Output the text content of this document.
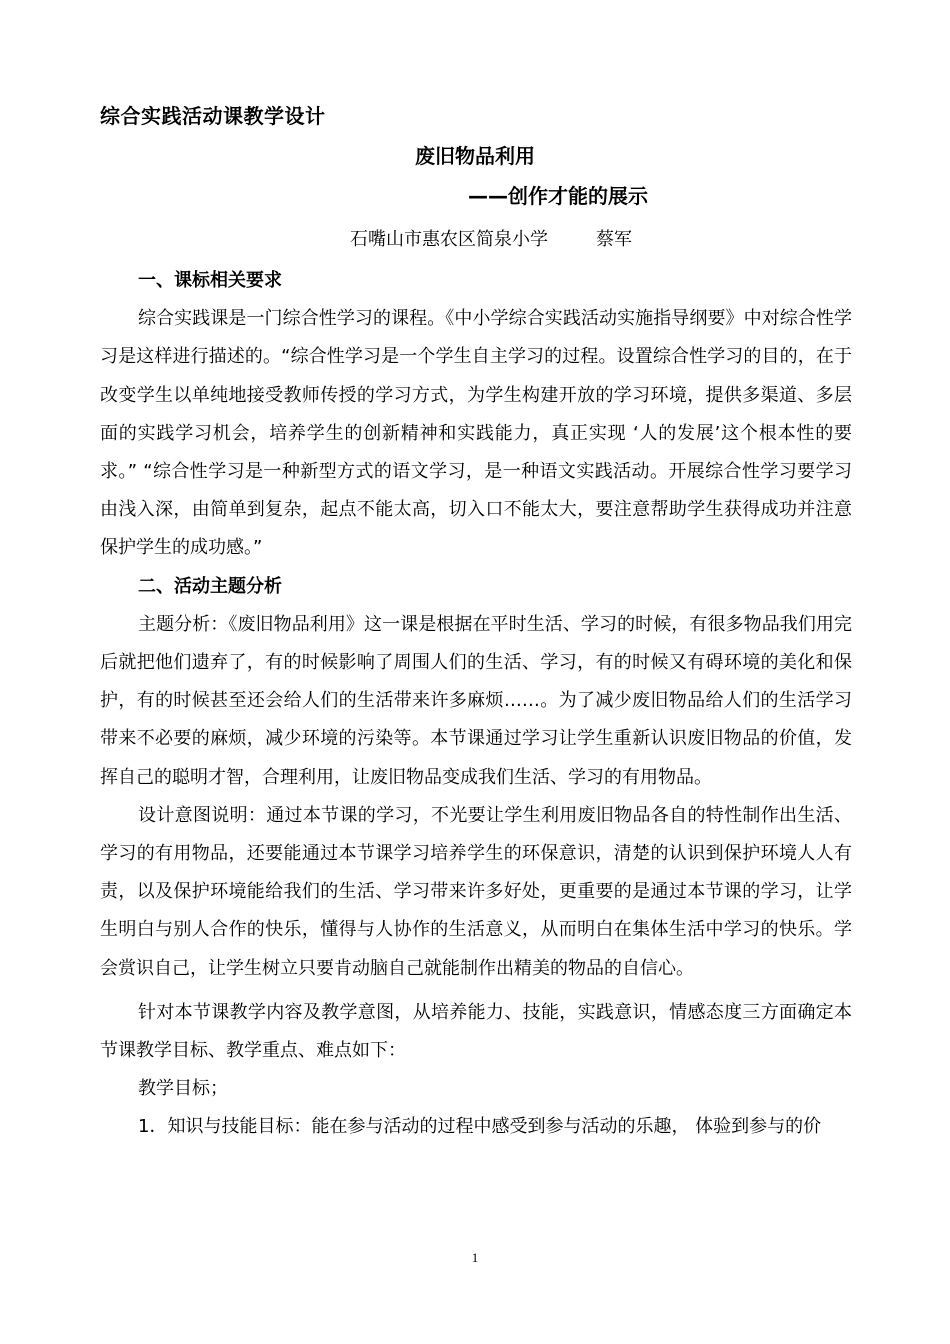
综合实践活动课教学设计
废旧物品利用
——创作才能的展示
石嘴山市惠农区简泉小学	蔡军

一、课标相关要求

综合实践课是一门综合性学习的课程。《中小学综合实践活动实施指导纲要》中对综合性学习是这样进行描述的。“综合性学习是一个学生自主学习的过程。设置综合性学习的目的，在于改变学生以单纯地接受教师传授的学习方式，为学生构建开放的学习环境，提供多渠道、多层面的实践学习机会，培养学生的创新精神和实践能力，真正实现 ‘人的发展’这个根本性的要求。” “综合性学习是一种新型方式的语文学习，是一种语文实践活动。开展综合性学习要学习由浅入深，由简单到复杂，起点不能太高，切入口不能太大，要注意帮助学生获得成功并注意保护学生的成功感。”

二、活动主题分析

主题分析：《废旧物品利用》这一课是根据在平时生活、学习的时候，有很多物品我们用完后就把他们遗弃了，有的时候影响了周围人们的生活、学习，有的时候又有碍环境的美化和保护，有的时候甚至还会给人们的生活带来许多麻烦……。为了减少废旧物品给人们的生活学习带来不必要的麻烦，减少环境的污染等。本节课通过学习让学生重新认识废旧物品的价值，发挥自己的聪明才智，合理利用，让废旧物品变成我们生活、学习的有用物品。

设计意图说明：通过本节课的学习，不光要让学生利用废旧物品各自的特性制作出生活、学习的有用物品，还要能通过本节课学习培养学生的环保意识，清楚的认识到保护环境人人有责，以及保护环境能给我们的生活、学习带来许多好处，更重要的是通过本节课的学习，让学生明白与别人合作的快乐，懂得与人协作的生活意义，从而明白在集体生活中学习的快乐。学会赏识自己，让学生树立只要肯动脑自己就能制作出精美的物品的自信心。

针对本节课教学内容及教学意图，从培养能力、技能，实践意识，情感态度三方面确定本节课教学目标、教学重点、难点如下：

教学目标；

1．知识与技能目标：能在参与活动的过程中感受到参与活动的乐趣， 体验到参与的价

1
